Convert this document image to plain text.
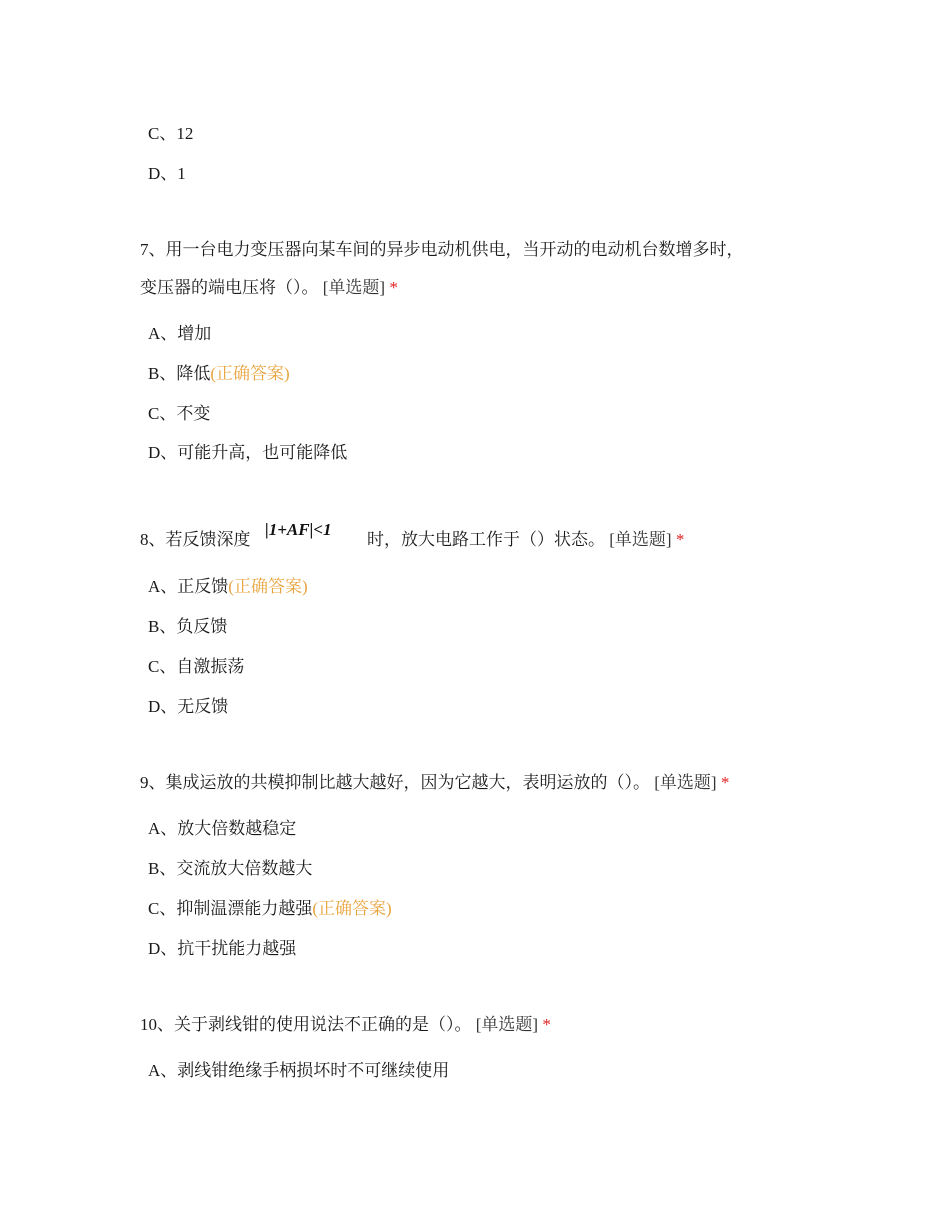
C、12
D、1
7、用一台电力变压器向某车间的异步电动机供电，当开动的电动机台数增多时，
变压器的端电压将（）。 [单选题] *
A、增加
B、降低(正确答案)
C、不变
D、可能升高，也可能降低
8、若反馈深度
|1+AF|<1
时，放大电路工作于（）状态。 [单选题] *
A、正反馈(正确答案)
B、负反馈
C、自激振荡
D、无反馈
9、集成运放的共模抑制比越大越好，因为它越大，表明运放的（）。 [单选题] *
A、放大倍数越稳定
B、交流放大倍数越大
C、抑制温漂能力越强(正确答案)
D、抗干扰能力越强
10、关于剥线钳的使用说法不正确的是（）。 [单选题] *
A、剥线钳绝缘手柄损坏时不可继续使用
